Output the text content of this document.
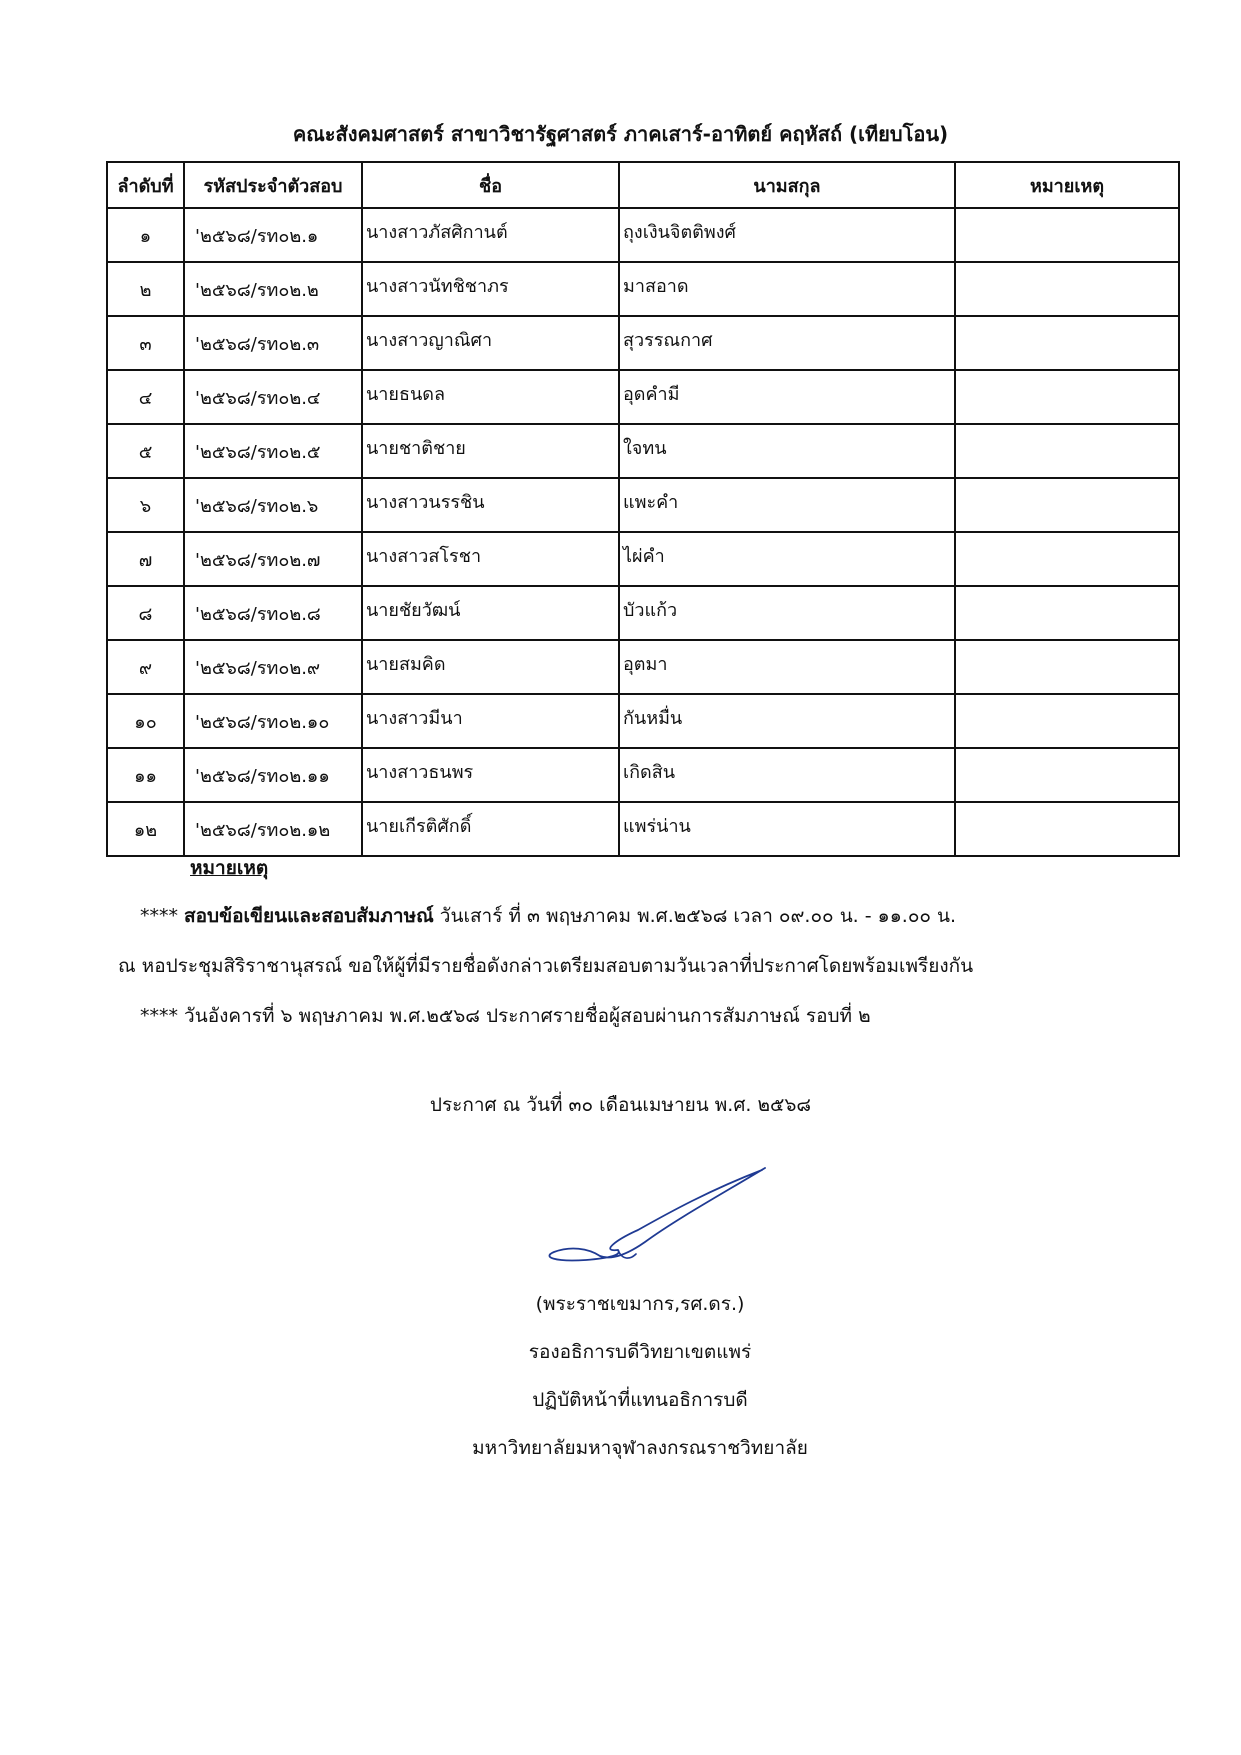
คณะสังคมศาสตร์ สาขาวิชารัฐศาสตร์ ภาคเสาร์-อาทิตย์ คฤหัสถ์ (เทียบโอน)
ลำดับที่	รหัสประจำตัวสอบ	ชื่อ	นามสกุล	หมายเหตุ
๑	'๒๕๖๘/รท๐๒.๑	นางสาวภัสศิกานต์	ถุงเงินจิตติพงศ์	
๒	'๒๕๖๘/รท๐๒.๒	นางสาวนัทชิชาภร	มาสอาด	
๓	'๒๕๖๘/รท๐๒.๓	นางสาวญาณิศา	สุวรรณกาศ	
๔	'๒๕๖๘/รท๐๒.๔	นายธนดล	อุดคำมี	
๕	'๒๕๖๘/รท๐๒.๕	นายชาติชาย	ใจทน	
๖	'๒๕๖๘/รท๐๒.๖	นางสาวนรรชิน	แพะคำ	
๗	'๒๕๖๘/รท๐๒.๗	นางสาวสโรชา	ไผ่คำ	
๘	'๒๕๖๘/รท๐๒.๘	นายชัยวัฒน์	บัวแก้ว	
๙	'๒๕๖๘/รท๐๒.๙	นายสมคิด	อุตมา	
๑๐	'๒๕๖๘/รท๐๒.๑๐	นางสาวมีนา	กันหมื่น	
๑๑	'๒๕๖๘/รท๐๒.๑๑	นางสาวธนพร	เกิดสิน	
๑๒	'๒๕๖๘/รท๐๒.๑๒	นายเกีรติศักดิ์	แพร่น่าน	
หมายเหตุ
**** สอบข้อเขียนและสอบสัมภาษณ์ วันเสาร์ ที่ ๓ พฤษภาคม พ.ศ.๒๕๖๘ เวลา ๐๙.๐๐ น. - ๑๑.๐๐ น.
ณ หอประชุมสิริราชานุสรณ์ ขอให้ผู้ที่มีรายชื่อดังกล่าวเตรียมสอบตามวันเวลาที่ประกาศโดยพร้อมเพรียงกัน
**** วันอังคารที่ ๖ พฤษภาคม พ.ศ.๒๕๖๘ ประกาศรายชื่อผู้สอบผ่านการสัมภาษณ์ รอบที่ ๒
ประกาศ ณ วันที่ ๓๐ เดือนเมษายน พ.ศ. ๒๕๖๘
(พระราชเขมากร,รศ.ดร.)
รองอธิการบดีวิทยาเขตแพร่
ปฏิบัติหน้าที่แทนอธิการบดี
มหาวิทยาลัยมหาจุฬาลงกรณราชวิทยาลัย
